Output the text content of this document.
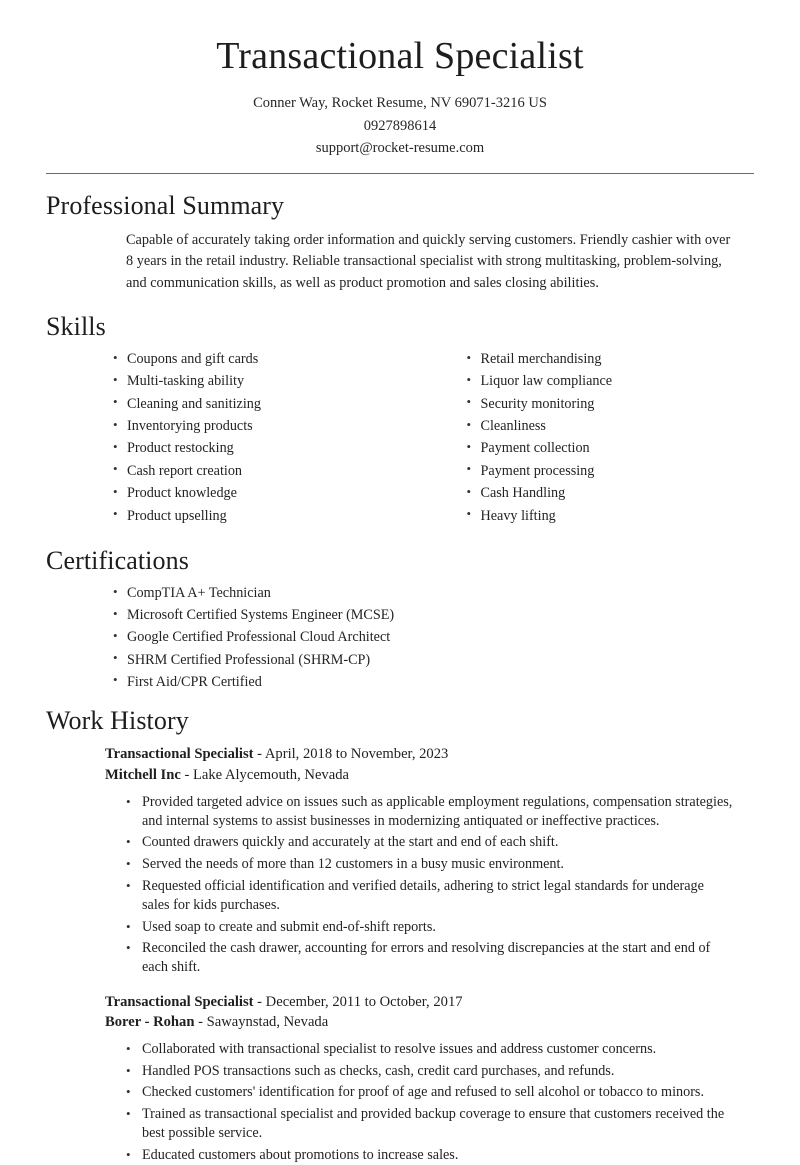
Transactional Specialist
Conner Way, Rocket Resume, NV 69071-3216 US
0927898614
support@rocket-resume.com
Professional Summary
Capable of accurately taking order information and quickly serving customers. Friendly cashier with over 8 years in the retail industry. Reliable transactional specialist with strong multitasking, problem-solving, and communication skills, as well as product promotion and sales closing abilities.
Skills
• Coupons and gift cards
• Multi-tasking ability
• Cleaning and sanitizing
• Inventorying products
• Product restocking
• Cash report creation
• Product knowledge
• Product upselling
• Retail merchandising
• Liquor law compliance
• Security monitoring
• Cleanliness
• Payment collection
• Payment processing
• Cash Handling
• Heavy lifting
Certifications
• CompTIA A+ Technician
• Microsoft Certified Systems Engineer (MCSE)
• Google Certified Professional Cloud Architect
• SHRM Certified Professional (SHRM-CP)
• First Aid/CPR Certified
Work History
Transactional Specialist - April, 2018 to November, 2023
Mitchell Inc - Lake Alycemouth, Nevada
• Provided targeted advice on issues such as applicable employment regulations, compensation strategies, and internal systems to assist businesses in modernizing antiquated or ineffective practices.
• Counted drawers quickly and accurately at the start and end of each shift.
• Served the needs of more than 12 customers in a busy music environment.
• Requested official identification and verified details, adhering to strict legal standards for underage sales for kids purchases.
• Used soap to create and submit end-of-shift reports.
• Reconciled the cash drawer, accounting for errors and resolving discrepancies at the start and end of each shift.
Transactional Specialist - December, 2011 to October, 2017
Borer - Rohan - Sawaynstad, Nevada
• Collaborated with transactional specialist to resolve issues and address customer concerns.
• Handled POS transactions such as checks, cash, credit card purchases, and refunds.
• Checked customers' identification for proof of age and refused to sell alcohol or tobacco to minors.
• Trained as transactional specialist and provided backup coverage to ensure that customers received the best possible service.
• Educated customers about promotions to increase sales.
